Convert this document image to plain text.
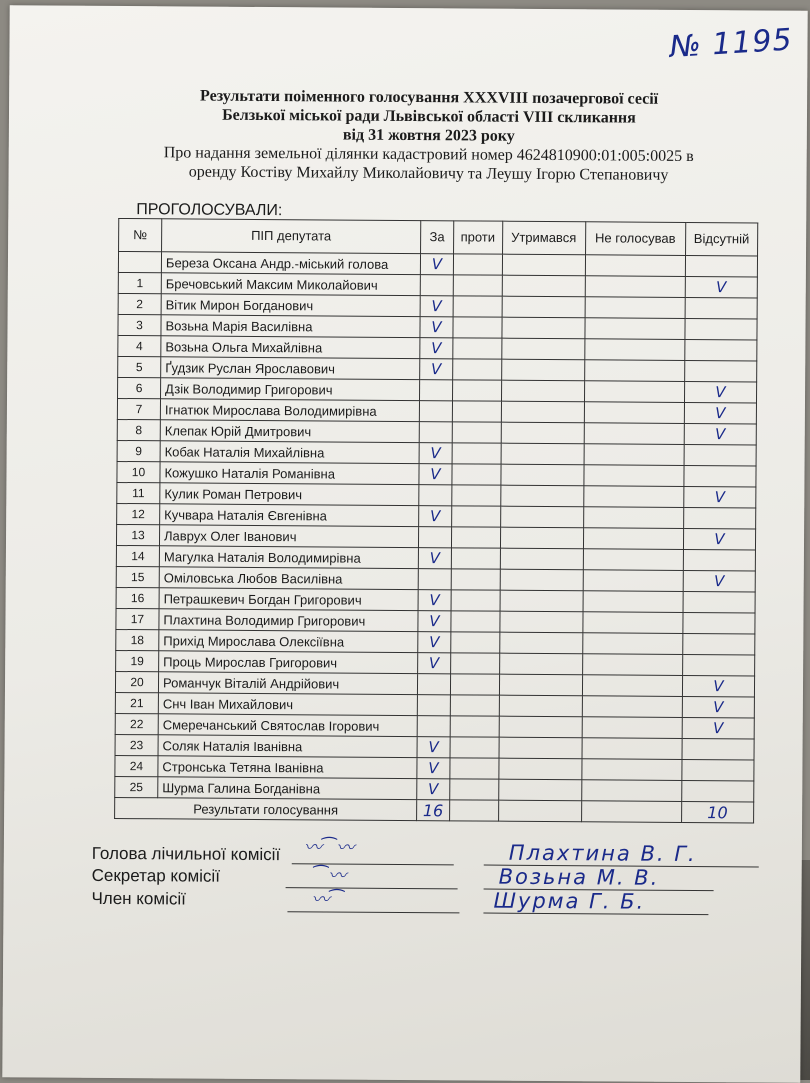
№ 1195
Результати поіменного голосування XXXVIII позачергової сесії
Белзької міської ради Львівської області VIII скликання
від 31 жовтня 2023 року
Про надання земельної ділянки кадастровий номер 4624810900:01:005:0025 в
оренду Костіву Михайлу Миколайовичу та Леушу Ігорю Степановичу
ПРОГОЛОСУВАЛИ:
№	ПІП депутата	За	проти	Утримався	Не голосував	Відсутній
	Береза Оксана Андр.-міський голова	V				
1	Бречовський Максим Миколайович					V
2	Вітик Мирон Богданович	V				
3	Возьна Марія Василівна	V				
4	Возьна Ольга Михайлівна	V				
5	Ґудзик Руслан Ярославович	V				
6	Дзік Володимир Григорович					V
7	Ігнатюк Мирослава Володимирівна					V
8	Клепак Юрій Дмитрович					V
9	Кобак Наталія Михайлівна	V				
10	Кожушко Наталія Романівна	V				
11	Кулик Роман Петрович					V
12	Кучвара Наталія Євгенівна	V				
13	Лаврух Олег Іванович					V
14	Магулка Наталія Володимирівна	V				
15	Оміловська Любов Василівна					V
16	Петрашкевич Богдан Григорович	V				
17	Плахтина Володимир Григорович	V				
18	Прихід Мирослава Олексіївна	V				
19	Проць Мирослав Григорович	V				
20	Романчук Віталій Андрійович					V
21	Снч Іван Михайлович					V
22	Смеречанський Святослав Ігорович					V
23	Соляк Наталія Іванівна	V				
24	Стронська Тетяна Іванівна	V				
25	Шурма Галина Богданівна	V				
Результати голосування		16				10
Голова лічильної комісії 〰⁀〰	Плахтина В. Г.
Секретар комісії	⁀〰	Возьна М. В.
Член комісії	〰⁀	Шурма Г. Б.
